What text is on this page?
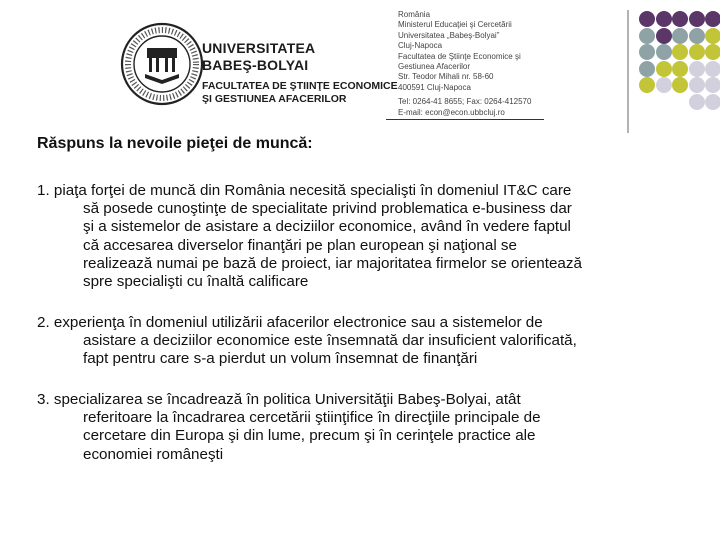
UNIVERSITATEA
BABEŞ-BOLYAI
FACULTATEA DE ŞTIINŢE ECONOMICE
ŞI GESTIUNEA AFACERILOR
România
Ministerul Educaţiei şi Cercetării
Universitatea „Babeş-Bolyai”
Cluj-Napoca
Facultatea de Ştiinţe Economice şi
Gestiunea Afacerilor
Str. Teodor Mihali nr. 58-60
400591 Cluj-Napoca
Tel: 0264-41 8655; Fax: 0264-412570
E-mail: econ@econ.ubbcluj.ro
Răspuns la nevoile pieţei de muncă:
1. piaţa forţei de muncă din România necesită specialişti în domeniul IT&C care
să posede cunoştinţe de specialitate privind problematica e-business dar
şi a sistemelor de asistare a deciziilor economice, având în vedere faptul
că accesarea diverselor finanţări pe plan european şi naţional se
realizează numai pe bază de proiect, iar majoritatea firmelor se orientează
spre specialişti cu înaltă calificare
2. experienţa în domeniul utilizării afacerilor electronice sau a sistemelor de
asistare a deciziilor economice este însemnată dar insuficient valorificată,
fapt pentru care s-a pierdut un volum însemnat de finanţări
3. specializarea se încadrează în politica Universităţii Babeş-Bolyai, atât
referitoare la încadrarea cercetării ştiinţifice în direcţiile principale de
cercetare din Europa şi din lume, precum şi în cerinţele practice ale
economiei româneşti
